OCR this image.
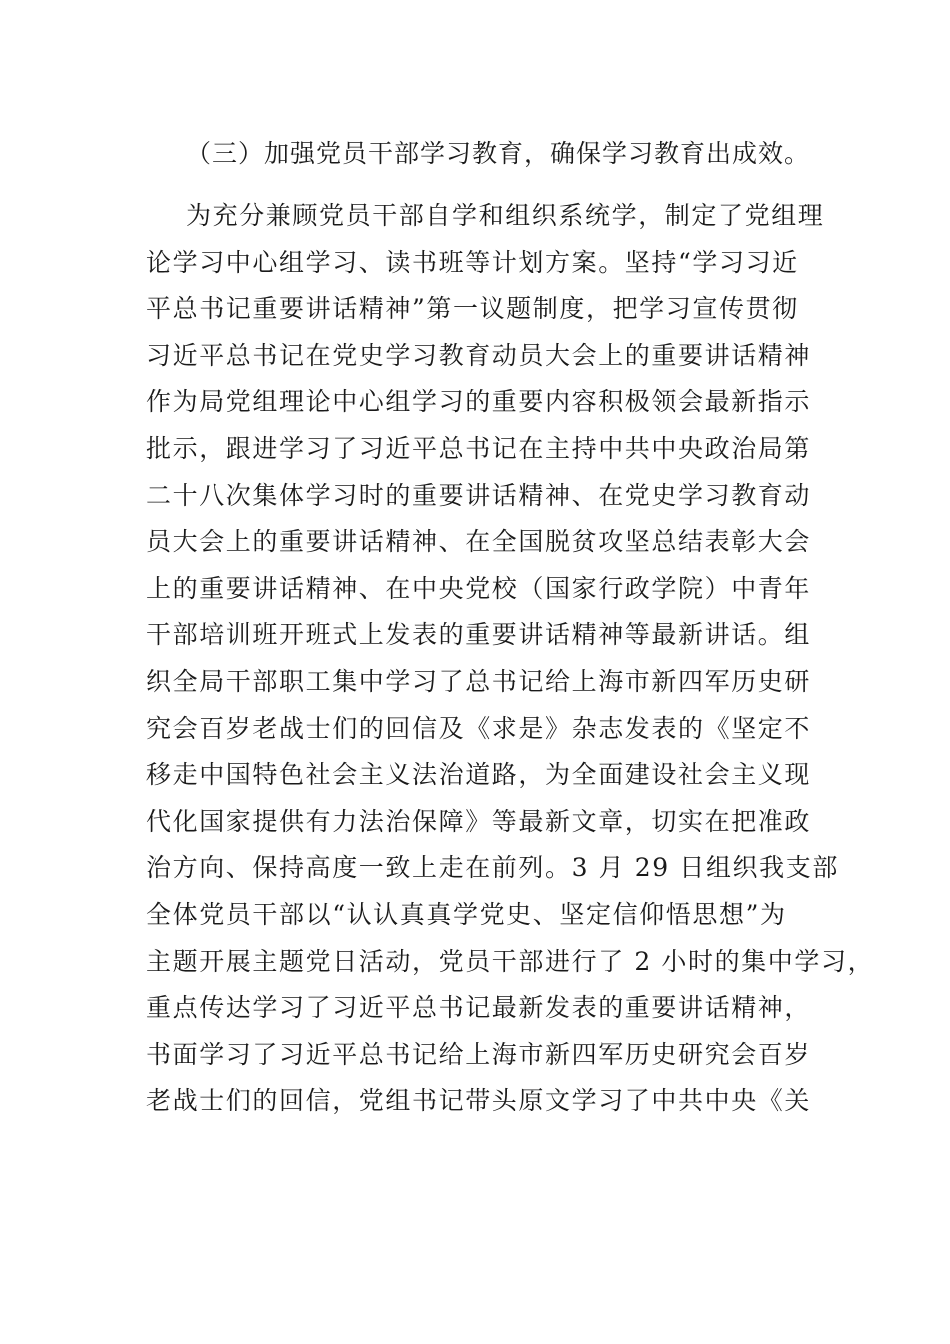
（三）加强党员干部学习教育，确保学习教育出成效。
为充分兼顾党员干部自学和组织系统学，制定了党组理
论学习中心组学习、读书班等计划方案。坚持“学习习近
平总书记重要讲话精神”第一议题制度，把学习宣传贯彻
习近平总书记在党史学习教育动员大会上的重要讲话精神
作为局党组理论中心组学习的重要内容积极领会最新指示
批示，跟进学习了习近平总书记在主持中共中央政治局第
二十八次集体学习时的重要讲话精神、在党史学习教育动
员大会上的重要讲话精神、在全国脱贫攻坚总结表彰大会
上的重要讲话精神、在中央党校（国家行政学院）中青年
干部培训班开班式上发表的重要讲话精神等最新讲话。组
织全局干部职工集中学习了总书记给上海市新四军历史研
究会百岁老战士们的回信及《求是》杂志发表的《坚定不
移走中国特色社会主义法治道路，为全面建设社会主义现
代化国家提供有力法治保障》等最新文章，切实在把准政
治方向、保持高度一致上走在前列。3 月 29 日组织我支部
全体党员干部以“认认真真学党史、坚定信仰悟思想”为
主题开展主题党日活动，党员干部进行了 2 小时的集中学习，
重点传达学习了习近平总书记最新发表的重要讲话精神，
书面学习了习近平总书记给上海市新四军历史研究会百岁
老战士们的回信，党组书记带头原文学习了中共中央《关
